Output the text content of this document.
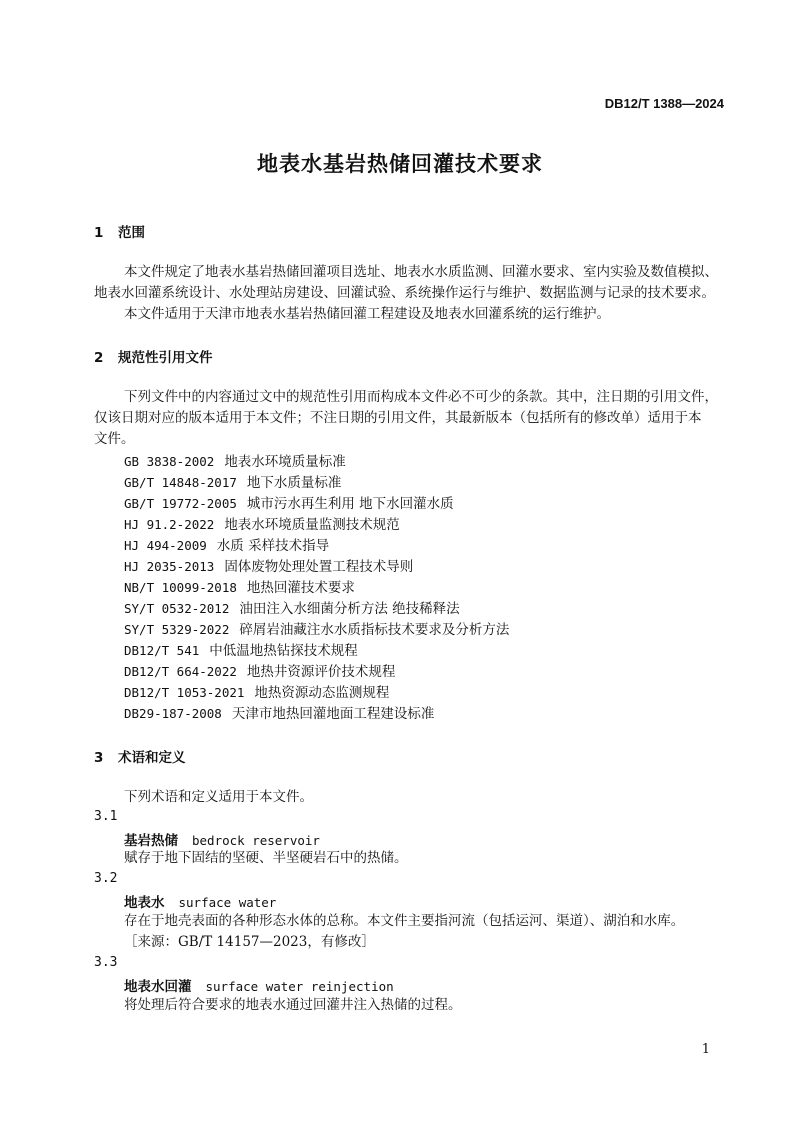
DB12/T 1388—2024
地表水基岩热储回灌技术要求
1 范围
本文件规定了地表水基岩热储回灌项目选址、地表水水质监测、回灌水要求、室内实验及数值模拟、
地表水回灌系统设计、水处理站房建设、回灌试验、系统操作运行与维护、数据监测与记录的技术要求。
本文件适用于天津市地表水基岩热储回灌工程建设及地表水回灌系统的运行维护。
2 规范性引用文件
下列文件中的内容通过文中的规范性引用而构成本文件必不可少的条款。其中，注日期的引用文件，
仅该日期对应的版本适用于本文件；不注日期的引用文件，其最新版本（包括所有的修改单）适用于本
文件。
GB 3838-2002 地表水环境质量标准
GB/T 14848-2017 地下水质量标准
GB/T 19772-2005 城市污水再生利用 地下水回灌水质
HJ 91.2-2022 地表水环境质量监测技术规范
HJ 494-2009 水质 采样技术指导
HJ 2035-2013 固体废物处理处置工程技术导则
NB/T 10099-2018 地热回灌技术要求
SY/T 0532-2012 油田注入水细菌分析方法 绝技稀释法
SY/T 5329-2022 碎屑岩油藏注水水质指标技术要求及分析方法
DB12/T 541 中低温地热钻探技术规程
DB12/T 664-2022 地热井资源评价技术规程
DB12/T 1053-2021 地热资源动态监测规程
DB29-187-2008 天津市地热回灌地面工程建设标准
3 术语和定义
下列术语和定义适用于本文件。
3.1
基岩热储 bedrock reservoir
赋存于地下固结的坚硬、半坚硬岩石中的热储。
3.2
地表水 surface water
存在于地壳表面的各种形态水体的总称。本文件主要指河流（包括运河、渠道）、湖泊和水库。
［来源：GB/T 14157—2023，有修改］
3.3
地表水回灌 surface water reinjection
将处理后符合要求的地表水通过回灌井注入热储的过程。
1
